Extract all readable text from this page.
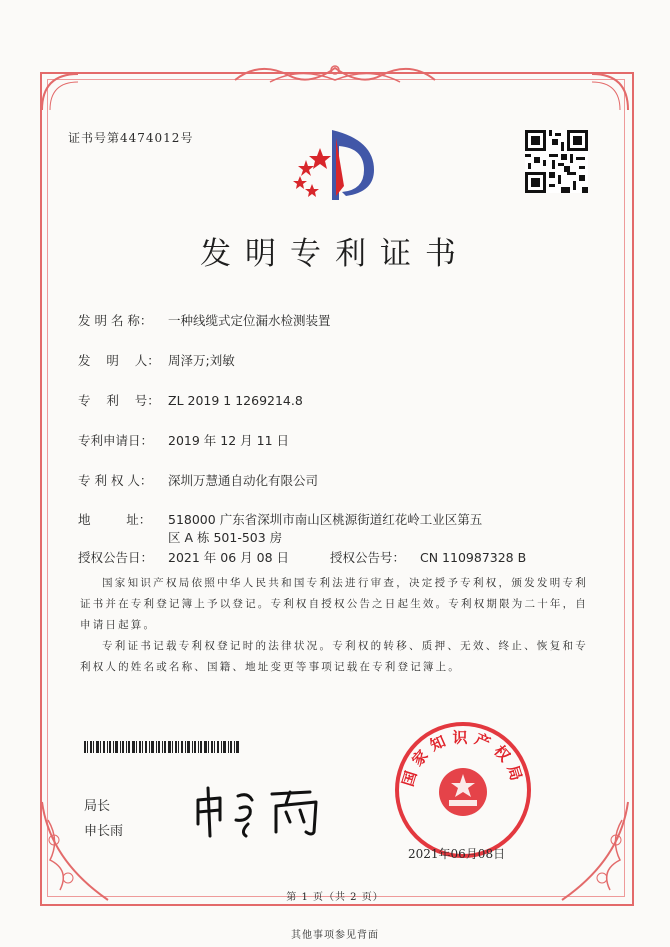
证书号第4474012号
发明专利证书
发 明 名 称： 一种线缆式定位漏水检测装置
发    明    人： 周泽万;刘敏
专    利    号： ZL 2019 1 1269214.8
专利申请日： 2019 年 12 月 11 日
专 利 权 人： 深圳万慧通自动化有限公司
地         址： 518000 广东省深圳市南山区桃源街道红花岭工业区第五
区 A 栋 501-503 房
授权公告日： 2021 年 06 月 08 日	授权公告号： CN 110987328 B
国家知识产权局依照中华人民共和国专利法进行审查，决定授予专利权，颁发发明专利证书并在专利登记簿上予以登记。专利权自授权公告之日起生效。专利权期限为二十年，自申请日起算。
专利证书记载专利权登记时的法律状况。专利权的转移、质押、无效、终止、恢复和专利权人的姓名或名称、国籍、地址变更等事项记载在专利登记簿上。
局长
申长雨
国家知识产权局
2021年06月08日
第 1 页（共 2 页）
其他事项参见背面
